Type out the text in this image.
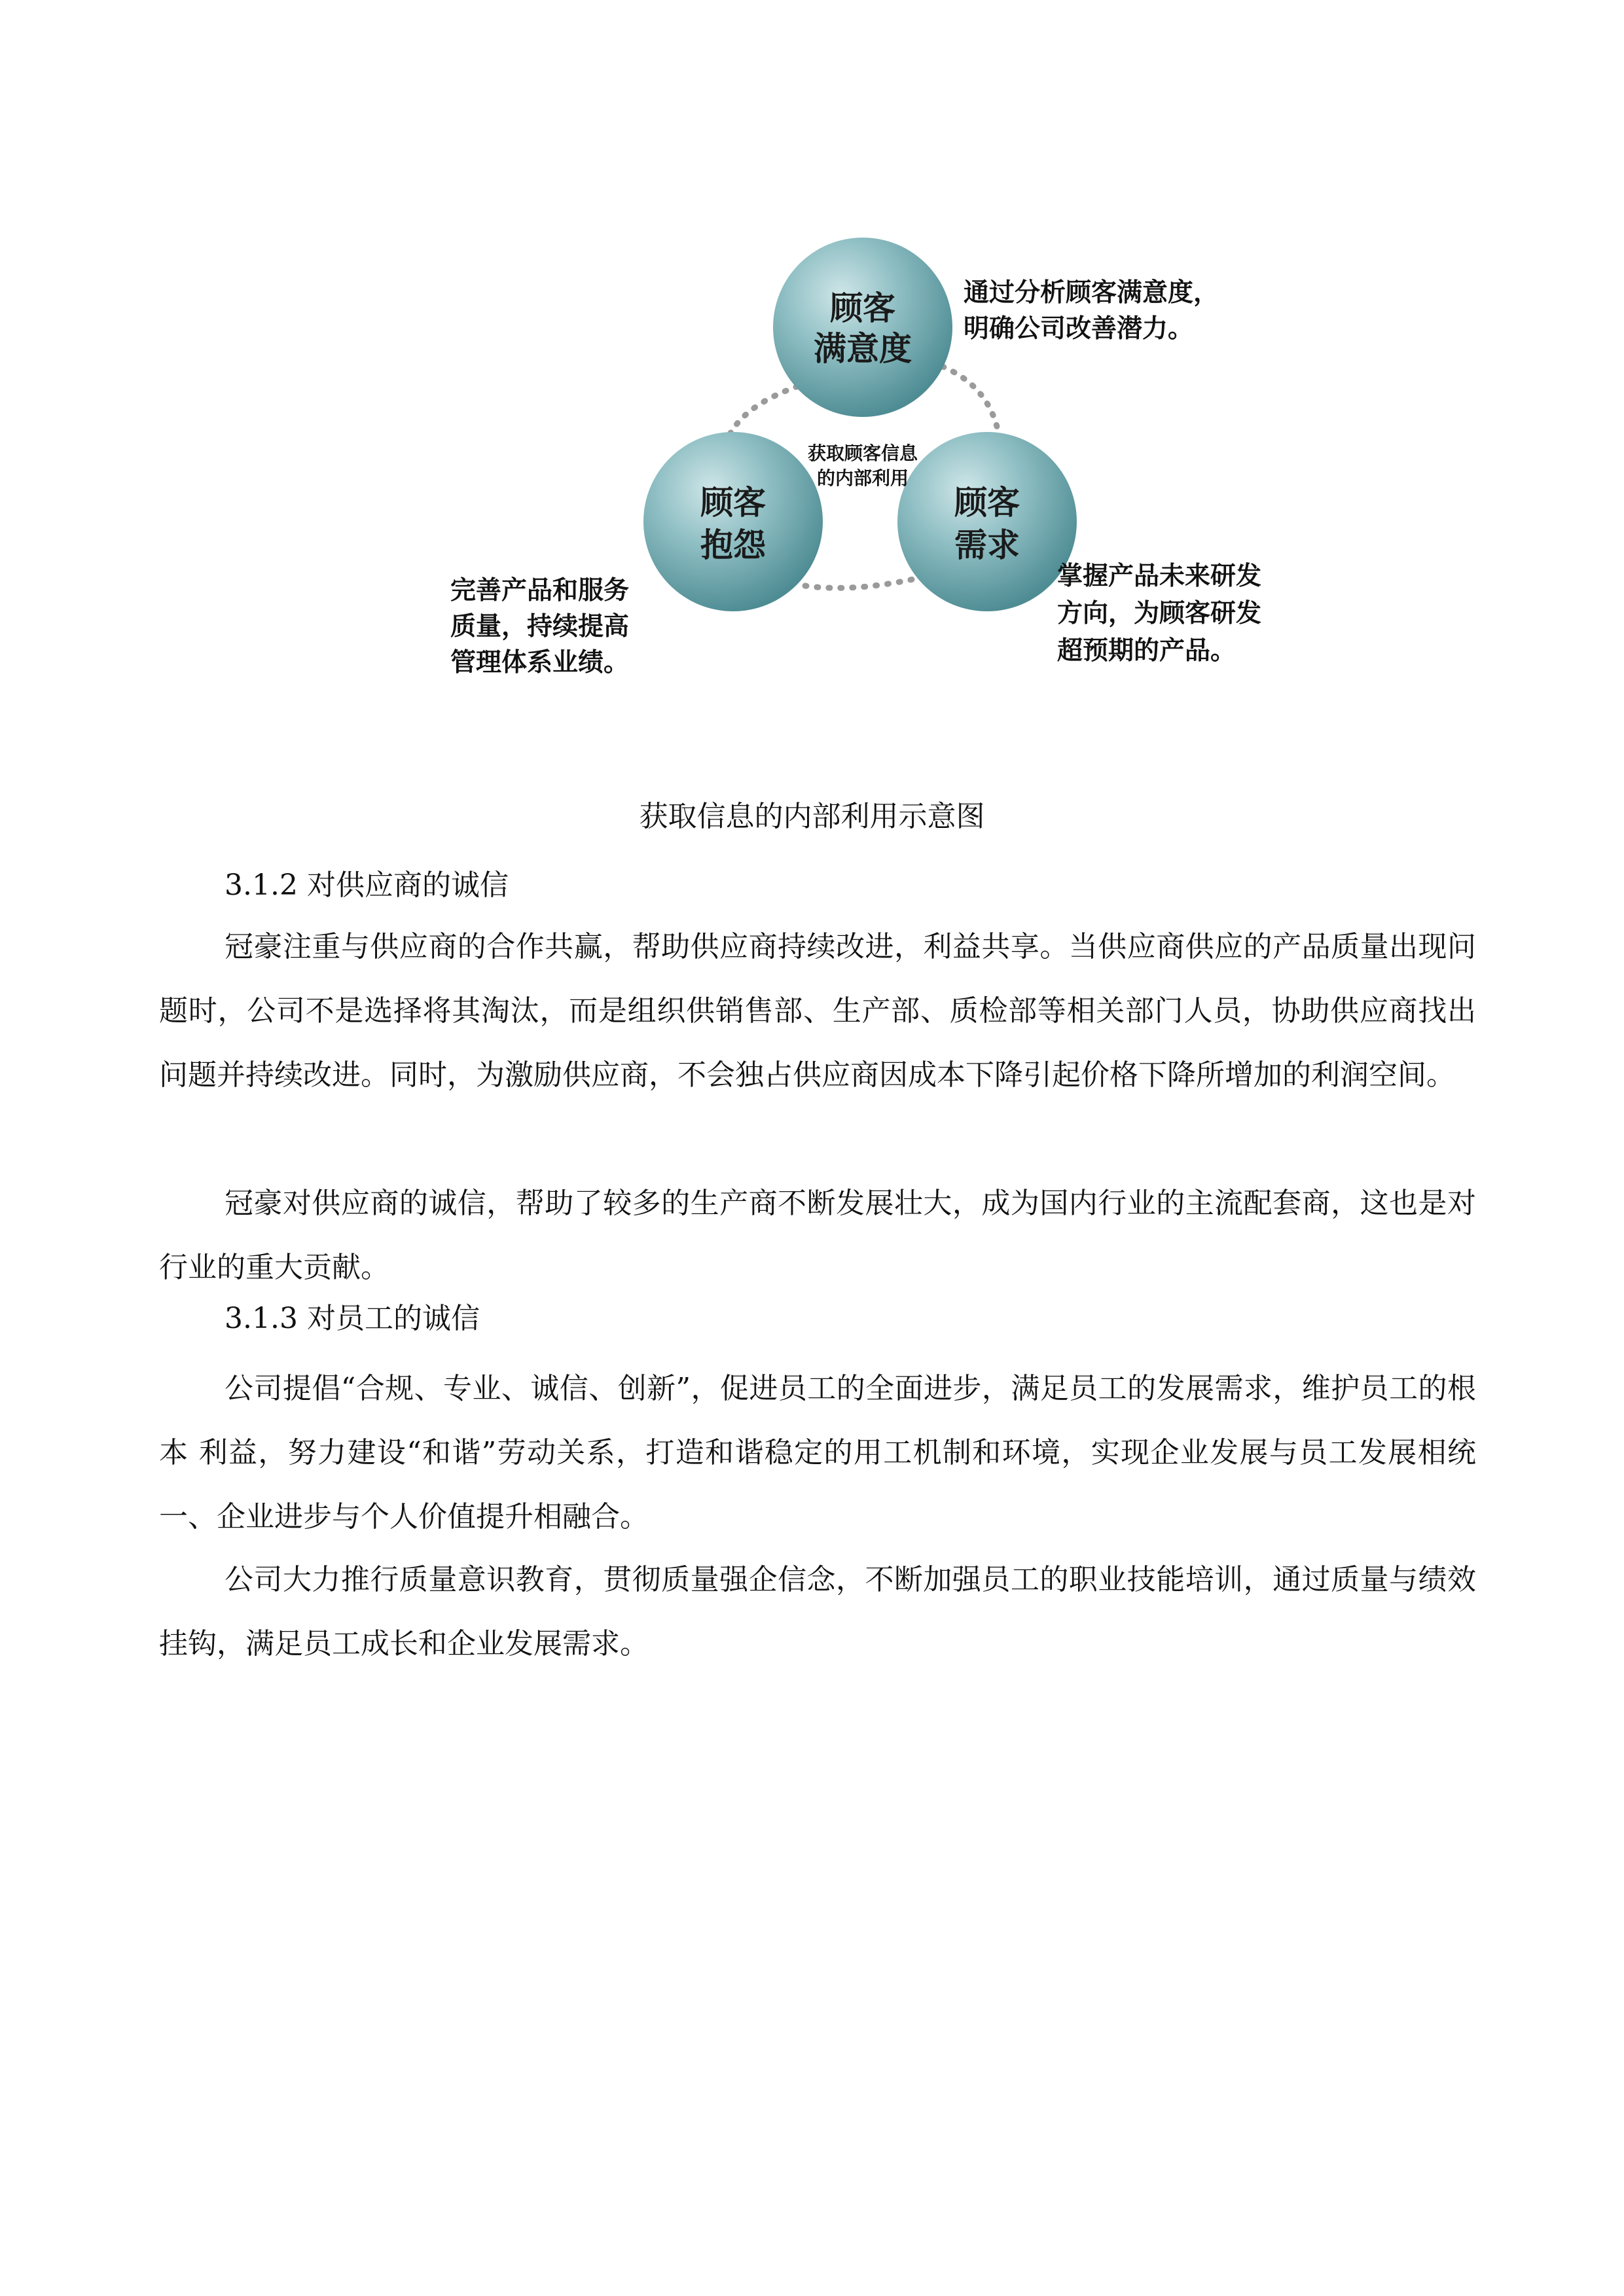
顾客
满意度
顾客
抱怨
顾客
需求
获取顾客信息
的内部利用
通过分析顾客满意度，
明确公司改善潜力。
完善产品和服务
质量，持续提高
管理体系业绩。
掌握产品未来研发
方向，为顾客研发
超预期的产品。
获取信息的内部利用示意图
3.1.2 对供应商的诚信

冠豪注重与供应商的合作共赢，帮助供应商持续改进，利益共享。当供应商供应的产品质量出现问题时，公司不是选择将其淘汰，而是组织供销售部、生产部、质检部等相关部门人员，协助供应商找出问题并持续改进。同时，为激励供应商，不会独占供应商因成本下降引起价格下降所增加的利润空间。

冠豪对供应商的诚信，帮助了较多的生产商不断发展壮大，成为国内行业的主流配套商，这也是对行业的重大贡献。

3.1.3 对员工的诚信

公司提倡“合规、专业、诚信、创新”，促进员工的全面进步，满足员工的发展需求，维护员工的根本 利益，努力建设“和谐”劳动关系，打造和谐稳定的用工机制和环境，实现企业发展与员工发展相统一、企业进步与个人价值提升相融合。

公司大力推行质量意识教育，贯彻质量强企信念，不断加强员工的职业技能培训，通过质量与绩效挂钩，满足员工成长和企业发展需求。
